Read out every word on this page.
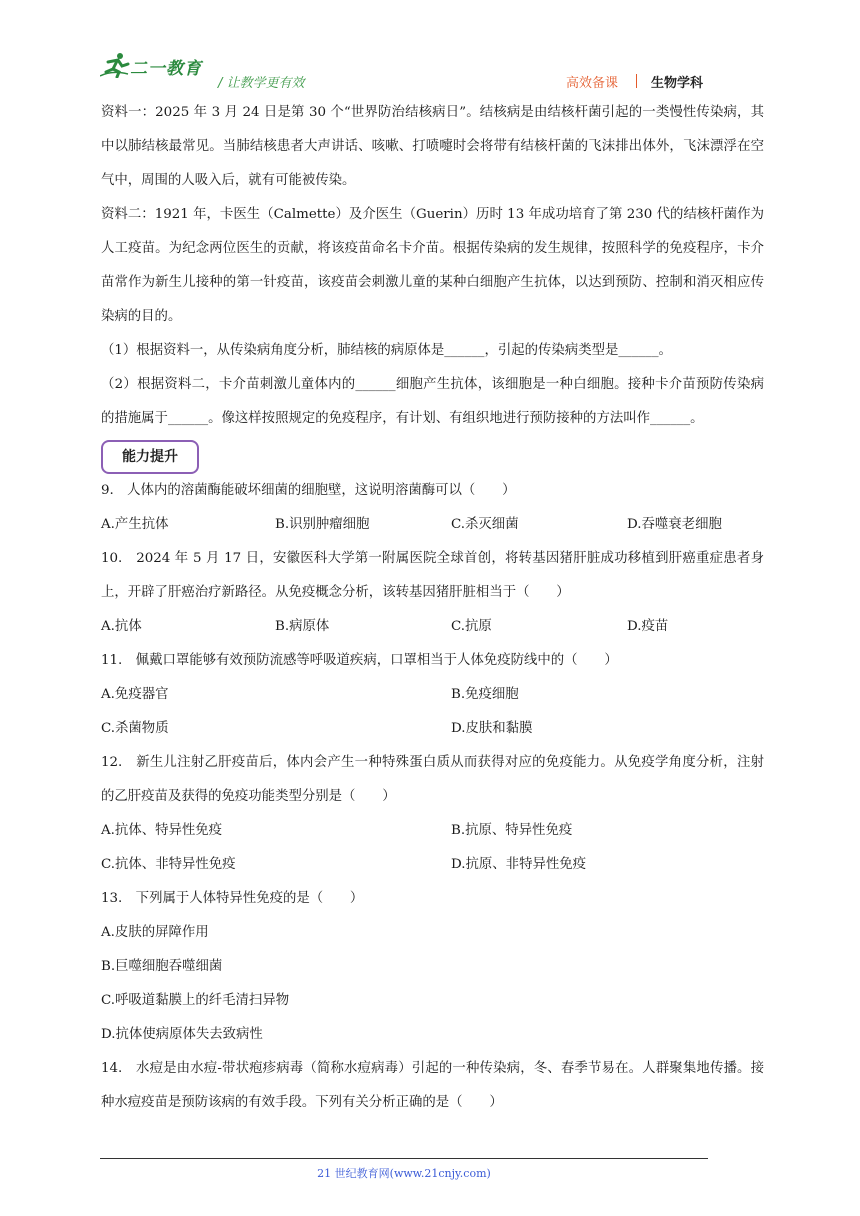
二一教育
/ 让教学更有效	高效备课	生物学科

资料一：2025 年 3 月 24 日是第 30 个“世界防治结核病日”。结核病是由结核杆菌引起的一类慢性传染病，其中以肺结核最常见。当肺结核患者大声讲话、咳嗽、打喷嚏时会将带有结核杆菌的飞沫排出体外，飞沫漂浮在空气中，周围的人吸入后，就有可能被传染。

资料二：1921 年，卡医生（Calmette）及介医生（Guerin）历时 13 年成功培育了第 230 代的结核杆菌作为人工疫苗。为纪念两位医生的贡献，将该疫苗命名卡介苗。根据传染病的发生规律，按照科学的免疫程序，卡介苗常作为新生儿接种的第一针疫苗，该疫苗会刺激儿童的某种白细胞产生抗体，以达到预防、控制和消灭相应传染病的目的。

（1）根据资料一，从传染病角度分析，肺结核的病原体是______，引起的传染病类型是______。

（2）根据资料二，卡介苗刺激儿童体内的______细胞产生抗体，该细胞是一种白细胞。接种卡介苗预防传染病的措施属于______。像这样按照规定的免疫程序，有计划、有组织地进行预防接种的方法叫作______。

能力提升

9.　人体内的溶菌酶能破坏细菌的细胞壁，这说明溶菌酶可以（　　）

A.产生抗体	B.识别肿瘤细胞	C.杀灭细菌	D.吞噬衰老细胞

10.　2024 年 5 月 17 日，安徽医科大学第一附属医院全球首创，将转基因猪肝脏成功移植到肝癌重症患者身上，开辟了肝癌治疗新路径。从免疫概念分析，该转基因猪肝脏相当于（　　）

A.抗体	B.病原体	C.抗原	D.疫苗

11.　佩戴口罩能够有效预防流感等呼吸道疾病，口罩相当于人体免疫防线中的（　　）

A.免疫器官	B.免疫细胞
C.杀菌物质	D.皮肤和黏膜

12.　新生儿注射乙肝疫苗后，体内会产生一种特殊蛋白质从而获得对应的免疫能力。从免疫学角度分析，注射的乙肝疫苗及获得的免疫功能类型分别是（　　）

A.抗体、特异性免疫	B.抗原、特异性免疫
C.抗体、非特异性免疫	D.抗原、非特异性免疫

13.　下列属于人体特异性免疫的是（　　）

A.皮肤的屏障作用
B.巨噬细胞吞噬细菌
C.呼吸道黏膜上的纤毛清扫异物
D.抗体使病原体失去致病性

14.　水痘是由水痘-带状疱疹病毒（简称水痘病毒）引起的一种传染病，冬、春季节易在。人群聚集地传播。接种水痘疫苗是预防该病的有效手段。下列有关分析正确的是（　　）

21 世纪教育网(www.21cnjy.com)
